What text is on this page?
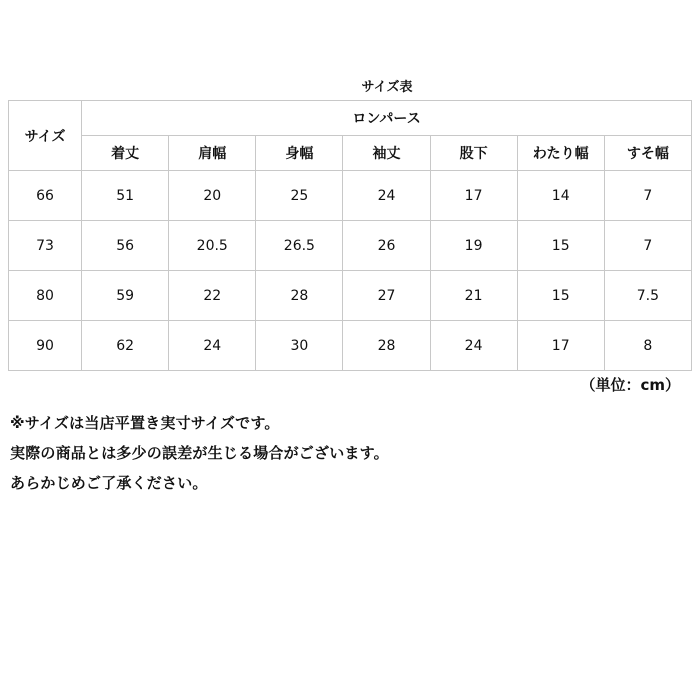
サイズ表
サイズ	ロンパース						
	着丈	肩幅	身幅	袖丈	股下	わたり幅	すそ幅
66	51	20	25	24	17	14	7
73	56	20.5	26.5	26	19	15	7
80	59	22	28	27	21	15	7.5
90	62	24	30	28	24	17	8
（単位：cm）
※サイズは当店平置き実寸サイズです。
実際の商品とは多少の誤差が生じる場合がございます。
あらかじめご了承ください。
